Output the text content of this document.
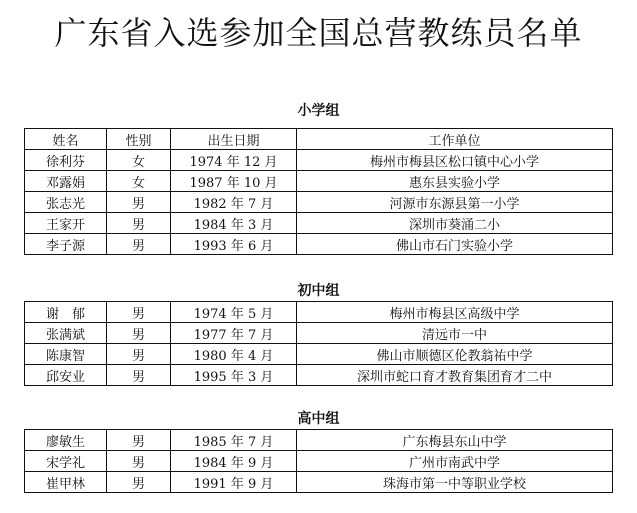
广东省入选参加全国总营教练员名单
小学组
姓名	性别	出生日期	工作单位
徐利芬	女	1974 年 12 月	梅州市梅县区松口镇中心小学
邓露娟	女	1987 年 10 月	惠东县实验小学
张志光	男	1982 年 7 月	河源市东源县第一小学
王家开	男	1984 年 3 月	深圳市葵涌二小
李子源	男	1993 年 6 月	佛山市石门实验小学
初中组
谢　郁	男	1974 年 5 月	梅州市梅县区高级中学
张满斌	男	1977 年 7 月	清远市一中
陈康智	男	1980 年 4 月	佛山市顺德区伦教翁祐中学
邱安业	男	1995 年 3 月	深圳市蛇口育才教育集团育才二中
高中组
廖敏生	男	1985 年 7 月	广东梅县东山中学
宋学礼	男	1984 年 9 月	广州市南武中学
崔甲林	男	1991 年 9 月	珠海市第一中等职业学校
